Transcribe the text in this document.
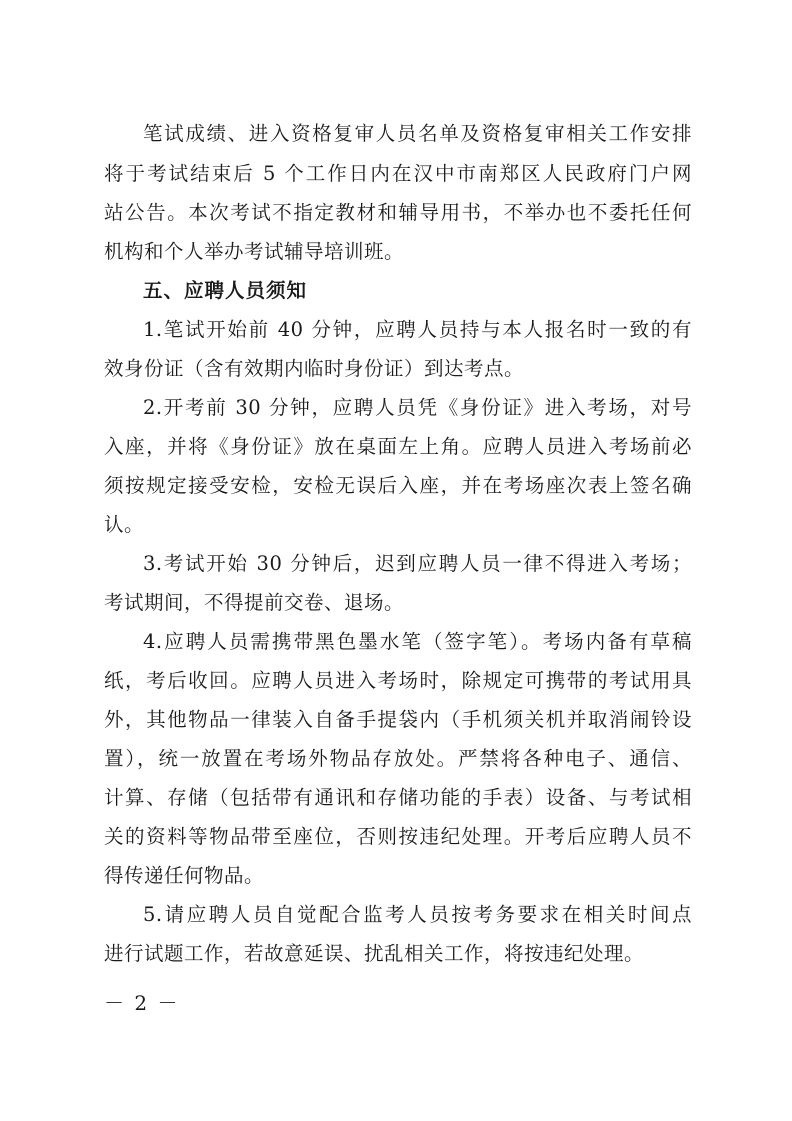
笔试成绩、进入资格复审人员名单及资格复审相关工作安排
将于考试结束后 5 个工作日内在汉中市南郑区人民政府门户网
站公告。本次考试不指定教材和辅导用书，不举办也不委托任何
机构和个人举办考试辅导培训班。
五、应聘人员须知
1.笔试开始前 40 分钟，应聘人员持与本人报名时一致的有
效身份证（含有效期内临时身份证）到达考点。
2.开考前 30 分钟，应聘人员凭《身份证》进入考场，对号
入座，并将《身份证》放在桌面左上角。应聘人员进入考场前必
须按规定接受安检，安检无误后入座，并在考场座次表上签名确
认。
3.考试开始 30 分钟后，迟到应聘人员一律不得进入考场；
考试期间，不得提前交卷、退场。
4.应聘人员需携带黑色墨水笔（签字笔）。考场内备有草稿
纸，考后收回。应聘人员进入考场时，除规定可携带的考试用具
外，其他物品一律装入自备手提袋内（手机须关机并取消闹铃设
置），统一放置在考场外物品存放处。严禁将各种电子、通信、
计算、存储（包括带有通讯和存储功能的手表）设备、与考试相
关的资料等物品带至座位，否则按违纪处理。开考后应聘人员不
得传递任何物品。
5.请应聘人员自觉配合监考人员按考务要求在相关时间点
进行试题工作，若故意延误、扰乱相关工作，将按违纪处理。
－ 2 －
